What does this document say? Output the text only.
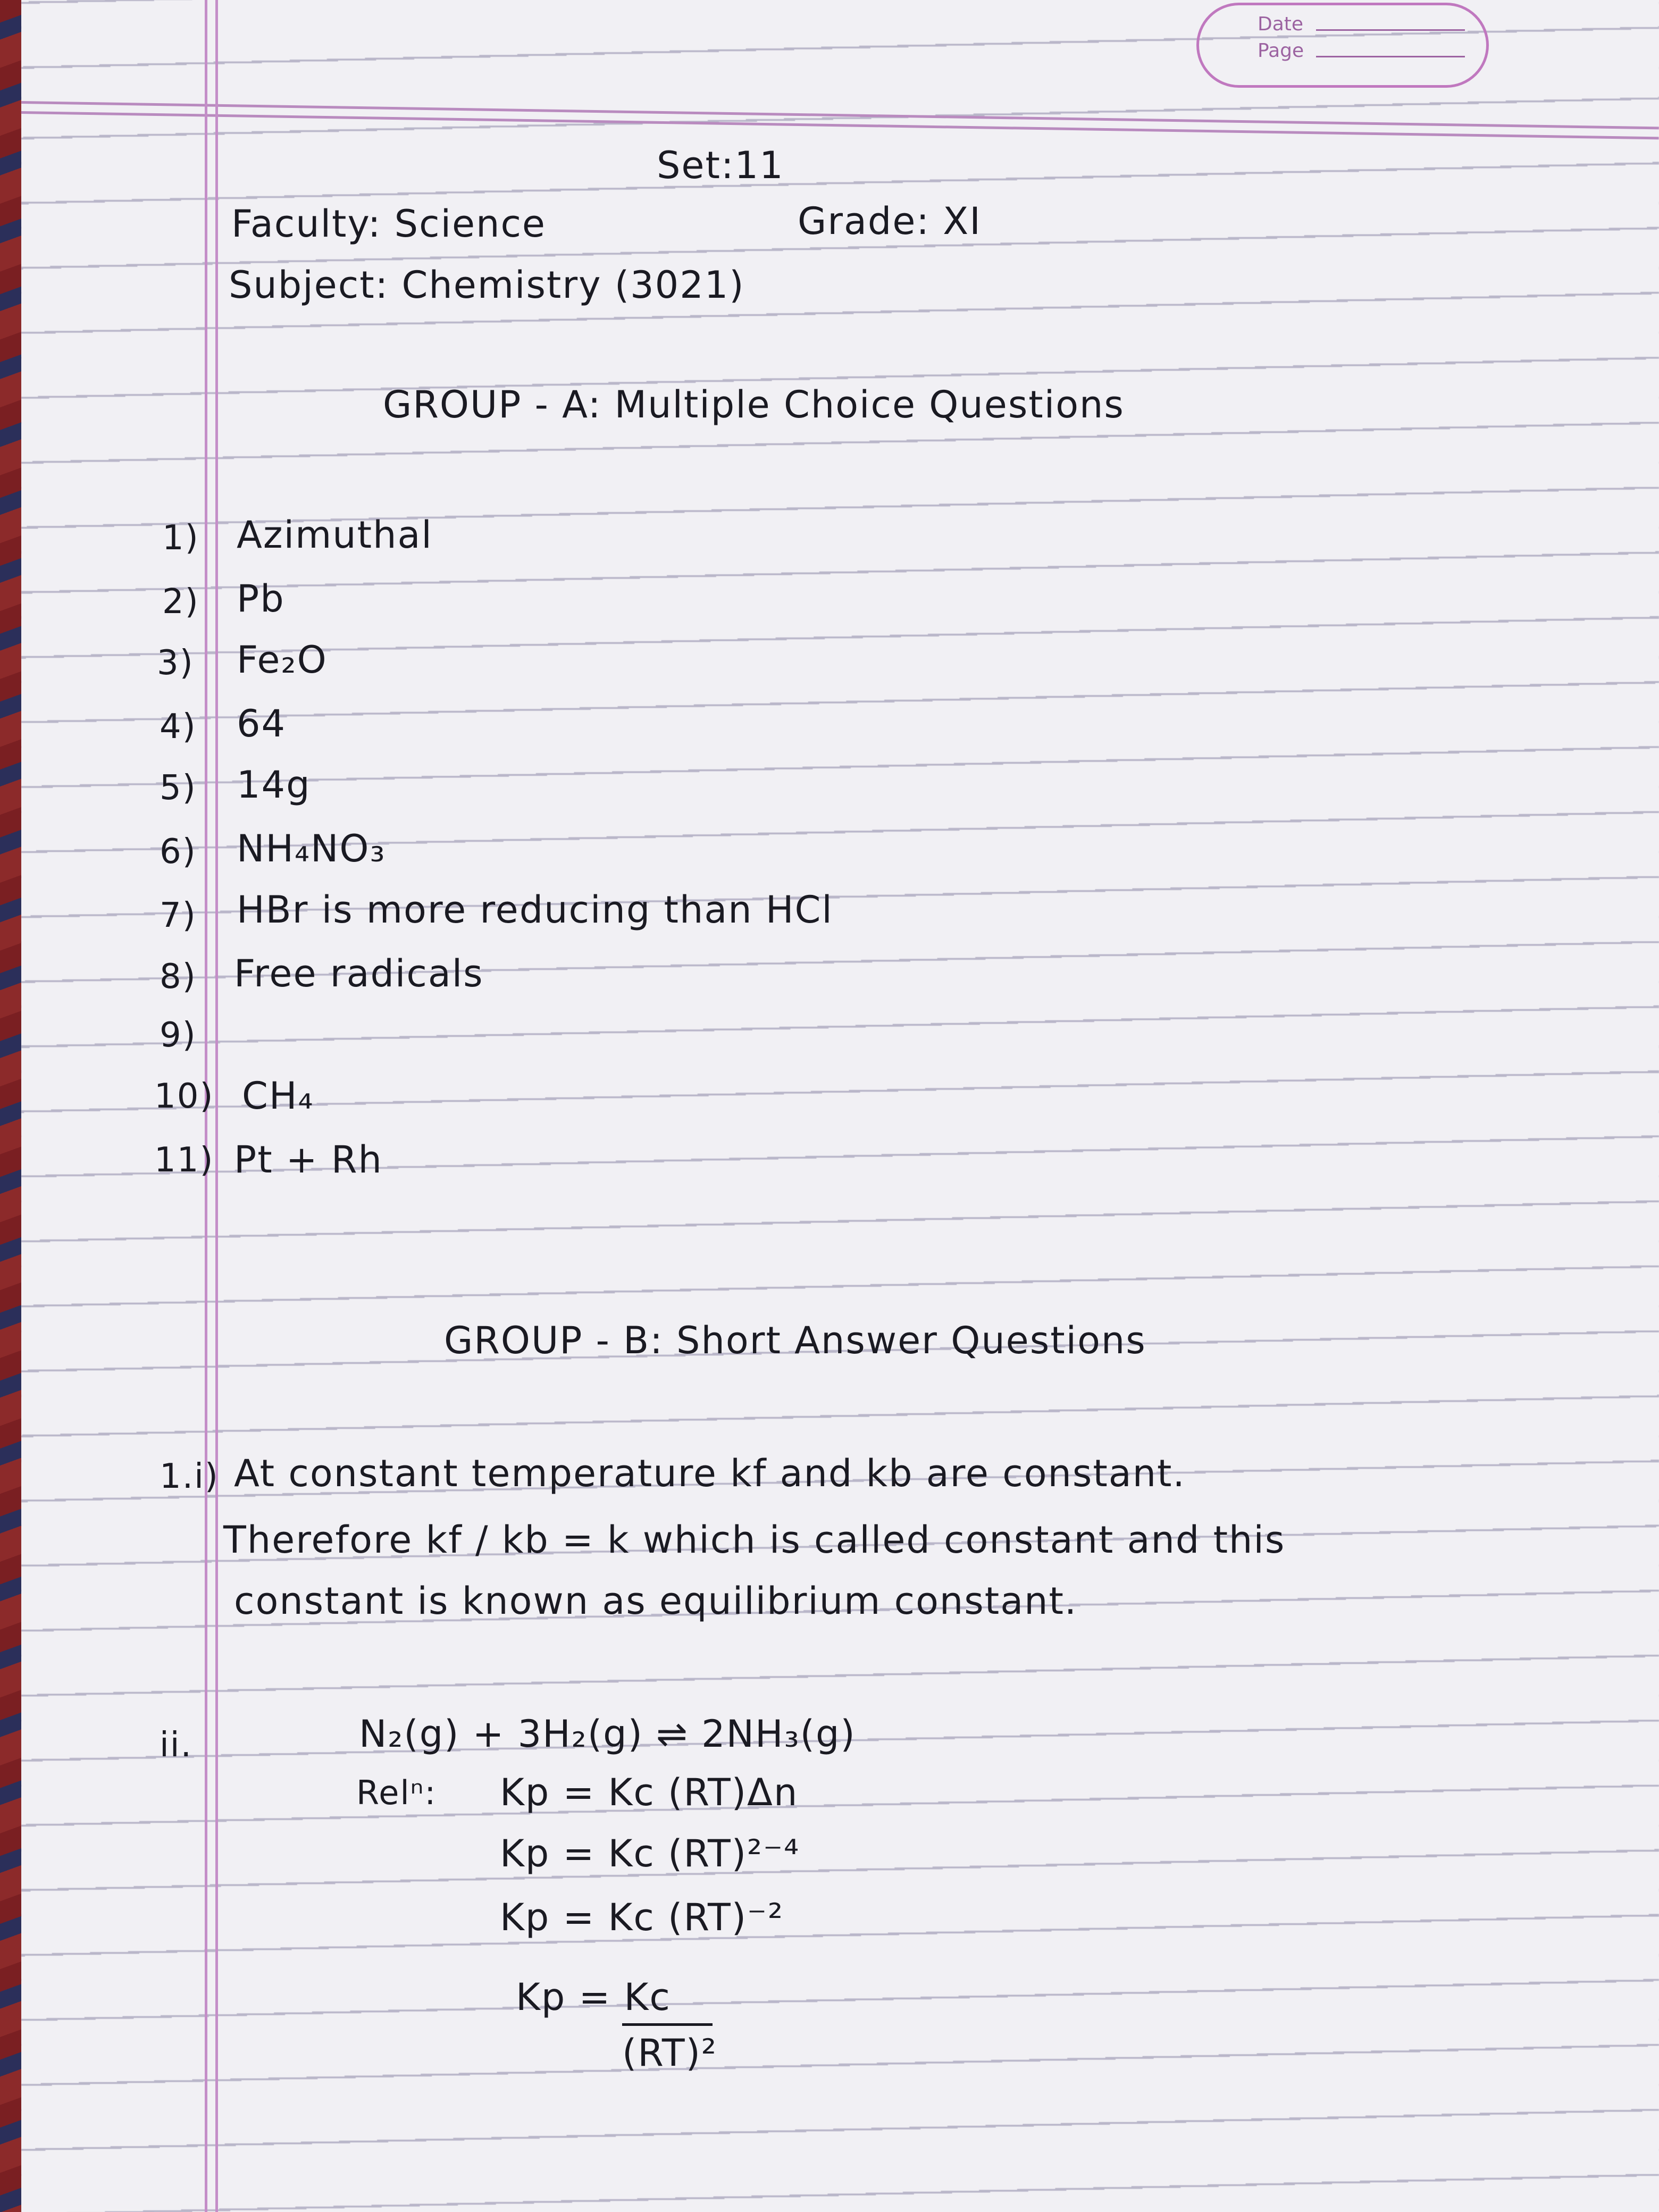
Date
Page
Set:11
Faculty: Science	Grade: XI
Subject: Chemistry (3021)
GROUP - A: Multiple Choice Questions
1) Azimuthal
2) Pb
3) Fe₂O
4) 64
5) 14g
6) NH₄NO₃
7) HBr is more reducing than HCl
8) Free radicals
9)
10) CH₄
11) Pt + Rh
GROUP - B: Short Answer Questions
1.i) At constant temperature kf and kb are constant.
Therefore kf / kb = k which is called constant and this
constant is known as equilibrium constant.
ii.	N₂(g) + 3H₂(g) ⇌ 2NH₃(g)
Relⁿ: Kp = Kc (RT)Δn
Kp = Kc (RT)²⁻⁴
Kp = Kc (RT)⁻²
Kp = Kc
(RT)²
